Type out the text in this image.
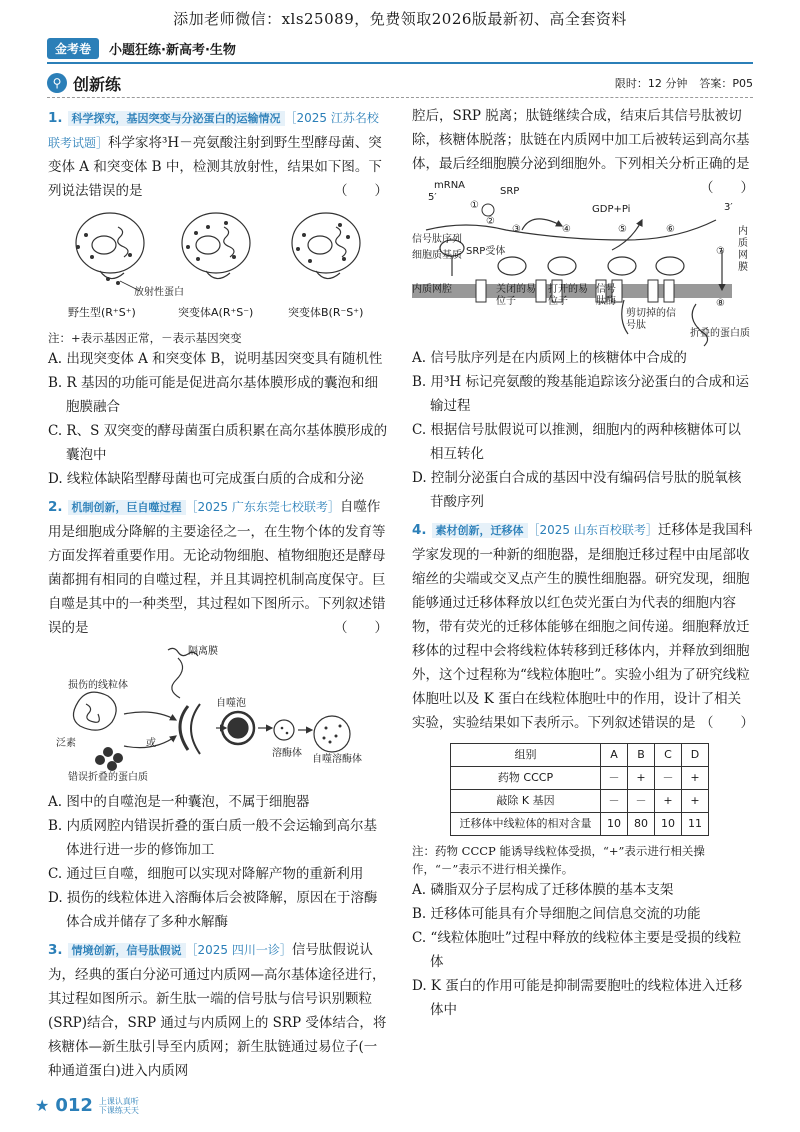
添加老师微信：xls25089，免费领取2026版最新初、高全套资料
金考卷	小题狂练·新高考·生物
⚲ 创新练	限时：12 分钟 答案：P05
1. 科学探究，基因突变与分泌蛋白的运输情况 ［2025 江苏名校联考试题］科学家将³H－亮氨酸注射到野生型酵母菌、突变体 A 和突变体 B 中，检测其放射性，结果如下图。下列说法错误的是	（　　）
放射性蛋白
野生型(R⁺S⁺)	突变体A(R⁺S⁻)	突变体B(R⁻S⁺)
注：+表示基因正常，－表示基因突变
A. 出现突变体 A 和突变体 B，说明基因突变具有随机性
B. R 基因的功能可能是促进高尔基体膜形成的囊泡和细胞膜融合
C. R、S 双突变的酵母菌蛋白质积累在高尔基体膜形成的囊泡中
D. 线粒体缺陷型酵母菌也可完成蛋白质的合成和分泌
2. 机制创新，巨自噬过程 ［2025 广东东莞七校联考］自噬作用是细胞成分降解的主要途径之一，在生物个体的发育等方面发挥着重要作用。无论动物细胞、植物细胞还是酵母菌都拥有相同的自噬过程，并且其调控机制高度保守。巨自噬是其中的一种类型，其过程如下图所示。下列叙述错误的是	（　　）
隔离膜
损伤的线粒体
自噬泡
泛素	或
溶酶体
自噬溶酶体
错误折叠的蛋白质
A. 图中的自噬泡是一种囊泡，不属于细胞器
B. 内质网腔内错误折叠的蛋白质一般不会运输到高尔基体进行进一步的修饰加工
C. 通过巨自噬，细胞可以实现对降解产物的重新利用
D. 损伤的线粒体进入溶酶体后会被降解，原因在于溶酶体合成并储存了多种水解酶
3. 情境创新，信号肽假说 ［2025 四川一诊］信号肽假说认为，经典的蛋白分泌可通过内质网—高尔基体途径进行，其过程如图所示。新生肽一端的信号肽与信号识别颗粒(SRP)结合，SRP 通过与内质网上的 SRP 受体结合，将核糖体—新生肽引导至内质网；新生肽链通过易位子(一种通道蛋白)进入内质网
腔后，SRP 脱离；肽链继续合成，结束后其信号肽被切除，核糖体脱落；肽链在内质网中加工后被转运到高尔基体，最后经细胞膜分泌到细胞外。下列相关分析正确的是
（　　）
mRNA
5′
3′
SRP
GDP+Pi
信号肽序列
SRP受体
细胞质基质
内质网腔	关闭的易位子
打开的易位子
信号肽酶
剪切掉的信号肽
折叠的蛋白质
内质网膜
①
②
③	④	⑤	⑥
⑦
⑧
A. 信号肽序列是在内质网上的核糖体中合成的
B. 用³H 标记亮氨酸的羧基能追踪该分泌蛋白的合成和运输过程
C. 根据信号肽假说可以推测，细胞内的两种核糖体可以相互转化
D. 控制分泌蛋白合成的基因中没有编码信号肽的脱氧核苷酸序列
4. 素材创新，迁移体 ［2025 山东百校联考］迁移体是我国科学家发现的一种新的细胞器，是细胞迁移过程中由尾部收缩丝的尖端或交叉点产生的膜性细胞器。研究发现，细胞能够通过迁移体释放以红色荧光蛋白为代表的细胞内容物，带有荧光的迁移体能够在细胞之间传递。细胞释放迁移体的过程中会将线粒体转移到迁移体内，并释放到细胞外，这个过程称为“线粒体胞吐”。实验小组为了研究线粒体胞吐以及 K 蛋白在线粒体胞吐中的作用，设计了相关实验，实验结果如下表所示。下列叙述错误的是 （　　）
组别	A	B	C	D
药物 CCCP	－	+	－	+
敲除 K 基因	－	－	+	+
迁移体中线粒体的相对含量	10	80	10	11
注：药物 CCCP 能诱导线粒体受损，“+”表示进行相关操作，“－”表示不进行相关操作。
A. 磷脂双分子层构成了迁移体膜的基本支架
B. 迁移体可能具有介导细胞之间信息交流的功能
C. “线粒体胞吐”过程中释放的线粒体主要是受损的线粒体
D. K 蛋白的作用可能是抑制需要胞吐的线粒体进入迁移体中
★ 012 上课认真听
下课练天天
